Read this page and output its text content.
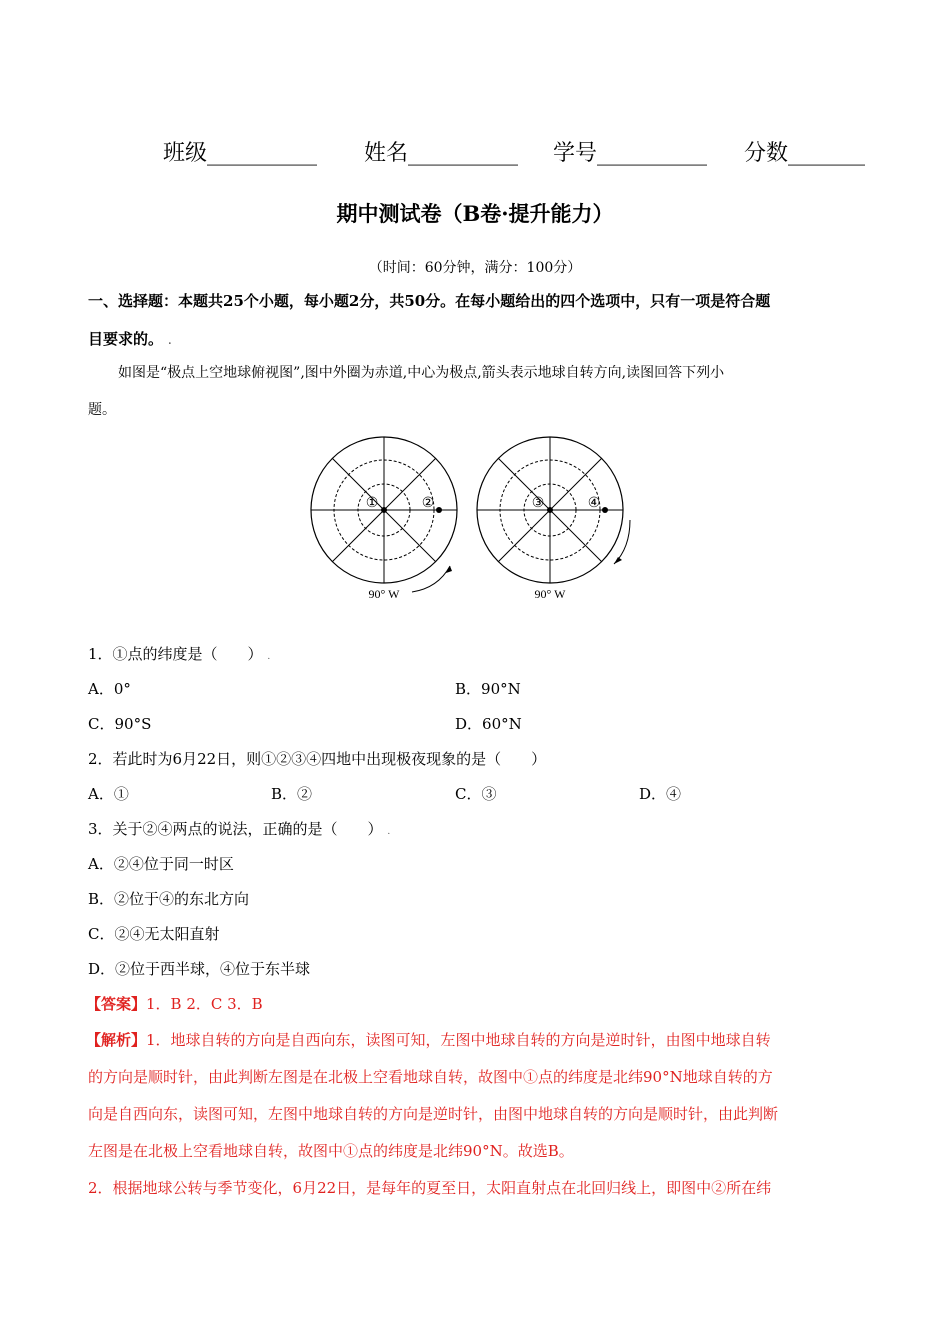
班级__________ 姓名__________ 学号__________ 分数_______
期中测试卷（B卷·提升能力）
（时间：60分钟，满分：100分）
一、选择题：本题共25个小题，每小题2分，共50分。在每小题给出的四个选项中，只有一项是符合题
目要求的。 .
如图是“极点上空地球俯视图”,图中外圈为赤道,中心为极点,箭头表示地球自转方向,读图回答下列小
题。
①	②
90° W
③	④
90° W
1．①点的纬度是（　　） .
A．0°	B．90°N
C．90°S	D．60°N
2．若此时为6月22日，则①②③④四地中出现极夜现象的是（　　）
A．①	B．②	C．③	D．④
3．关于②④两点的说法，正确的是（　　） .
A．②④位于同一时区
B．②位于④的东北方向
C．②④无太阳直射
D．②位于西半球，④位于东半球
【答案】1．B 2．C 3．B
【解析】1．地球自转的方向是自西向东，读图可知，左图中地球自转的方向是逆时针，由图中地球自转
的方向是顺时针，由此判断左图是在北极上空看地球自转，故图中①点的纬度是北纬90°N地球自转的方
向是自西向东，读图可知，左图中地球自转的方向是逆时针，由图中地球自转的方向是顺时针，由此判断
左图是在北极上空看地球自转，故图中①点的纬度是北纬90°N。故选B。
2．根据地球公转与季节变化，6月22日，是每年的夏至日，太阳直射点在北回归线上，即图中②所在纬
